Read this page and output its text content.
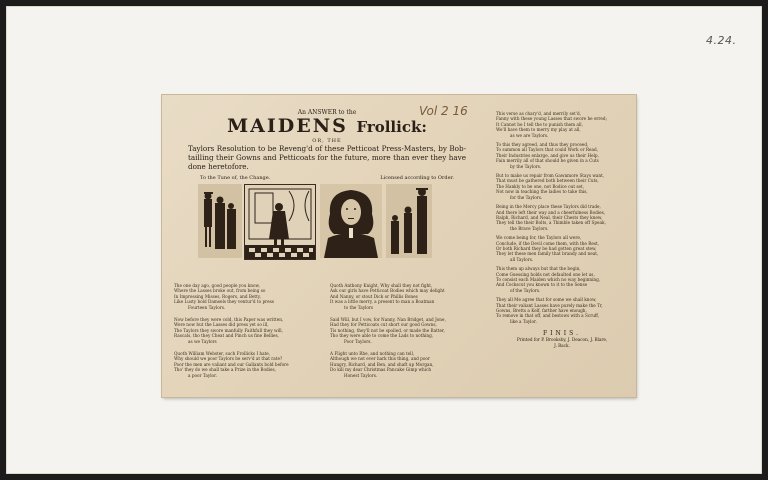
4.24.
An ANSWER to the
MAIDENS Frollick:
OR, THE
Taylors Resolution to be Reveng'd of these Petticoat Press-Masters, by Bob-tailling their Gowns and Petticoats for the future, more than ever they have done heretofore.
To the Tune of, the Change.	Licensed according to Order.
Vol 2 16
The one day ago, good people you know,
Where the Lasses broke out, from being so
In Impressing Misses, Rogers, and Betty,
Like Lusty bold Damsels they ventur'd to press
Fourteen Taylors.
Now before they were cold, this Paper was written,
Were now but the Lasses did press yet so ill,
The Taylors they swore manfully Faithfull they will,
Rascals, tho they Cheat and Pinch us fine Bellies,
as we Taylors
Quoth William Webster, such Frollicks I hate,
Why should we poor Taylors be serv'd at that rate?
Poor the men are valiant and our Gallants bold before
Tho' they do we shall take a Prize in the Bodies,
a poor Taylor.
Quoth Anthony Knight, Why shall they not fight,
Ask our girls have Petticoat Bodies which may delight
And Nanny, or stout Dick or Phillis Bones
It was a little merry, a present to man a Boatman
to the Taylors
Said Will, but I vow, for Nanny, Nan Bridget, and Jone,
Had they for Petticoats cut short our good Gowns,
Tis nothing, they'll not be spoiled, or made the Batter,
Tho they were able to come the Lads to nothing,
Poor Taylors.
A Flight unto Rhe, and nothing can tell,
Although we not ever hark this thing, and poor
Hungry, Richard, and Ben, and shaft up Morgan,
Do kill my dear Christmas Pancake Gimp which
Honest Taylors.
This verse as chary'd, and merrily set'd,
Fanny with these young Lasses that swore he erred;
It Cannot be I tell the to punish them all,
We'll have them to merry my play at all,
as we are Taylors.
To this they agreed, and thus they proceed,
To summon all Taylors that could Work or Read,
Their Industries enlarge, and give us their Help,
Fain merrily all of that should be given in a Cuts
by the Taylors.
But to make us repair from Gawnmore Stays want,
That must be gathered both between their Cuts,
The Hankly to be one, not Bodice out set,
Not now in teaching the ladies to take this,
for the Taylors.
Being in the Mercy place these Taylors did trade,
And there left their way and a cheerfulness Bodies,
Ralph, Richard, and Neal, their Chests they knew,
They tell the their Bolts, a Thimble taken off Speak,
the Brave Taylors.
We come being for, the Taylors all were,
Conclude, if the Devil come them, with the Rest,
Or both Richard they be had gotten great stew,
They let these men family that brandy and neat,
all Taylors.
This them up always but that the begin,
Come Guessing holds not defaulted one let us,
To consist each Maiden which no way beginning,
And Cockscut you known to it to the Sense
of the Taylors.
They all Me agree that for some we shall know,
That their valiant Lasses have purely make the Tr,
Gowns, Bretts a Kelf, farther have enough,
To remove in that off, and bestows with a Scruff,
like a Taylor.
FINIS.
Printed for P. Brooksby, J. Deacon, J. Blare,
J. Back.
